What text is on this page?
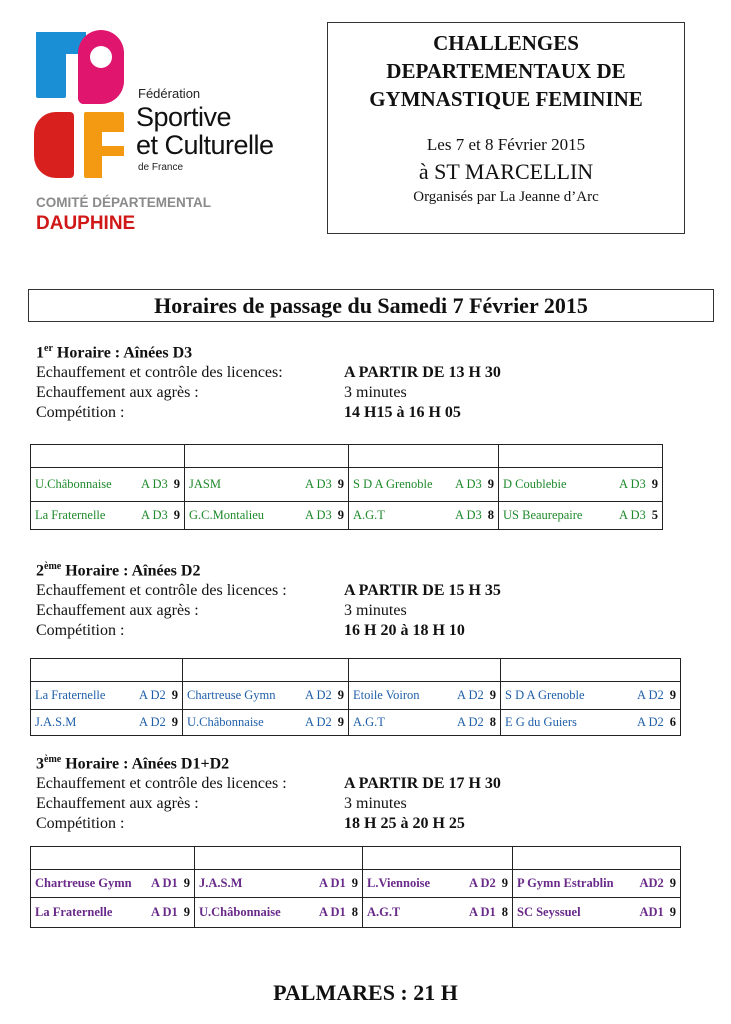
Fédération
Sportive
et Culturelle
de France
COMITÉ DÉPARTEMENTAL
DAUPHINE
CHALLENGES
DEPARTEMENTAUX DE
GYMNASTIQUE FEMININE
Les 7 et 8 Février 2015
à ST MARCELLIN
Organisés par La Jeanne d’Arc
Horaires de passage du Samedi 7 Février 2015
1er Horaire : Aînées D3
Echauffement et contrôle des licences:	A PARTIR DE 13 H 30
Echauffement aux agrès :	3 minutes
Compétition :	14 H15 à 16 H 05

U.Châbonnaise A D3 9	JASM A D3 9	S D A Grenoble A D3 9	D Coublebie A D3 9

La Fraternelle A D3 9	G.C.Montalieu A D3 9	A.G.T A D3 8	US Beaurepaire A D3 5
2ème Horaire : Aînées D2
Echauffement et contrôle des licences :	A PARTIR DE 15 H 35
Echauffement aux agrès :	3 minutes
Compétition :	16 H 20 à 18 H 10

La Fraternelle A D2 9	Chartreuse Gymn A D2 9	Etoile Voiron A D2 9	S D A Grenoble A D2 9

J.A.S.M A D2 9	U.Châbonnaise A D2 9	A.G.T A D2 8	E G du Guiers A D2 6
3ème Horaire : Aînées D1+D2
Echauffement et contrôle des licences :	A PARTIR DE 17 H 30
Echauffement aux agrès :	3 minutes
Compétition :	18 H 25 à 20 H 25

Chartreuse Gymn A D1 9	J.A.S.M A D1 9	L.Viennoise A D2 9	P Gymn Estrablin AD2 9

La Fraternelle A D1 9	U.Châbonnaise A D1 8	A.G.T A D1 8	SC Seyssuel AD1 9
PALMARES : 21 H
